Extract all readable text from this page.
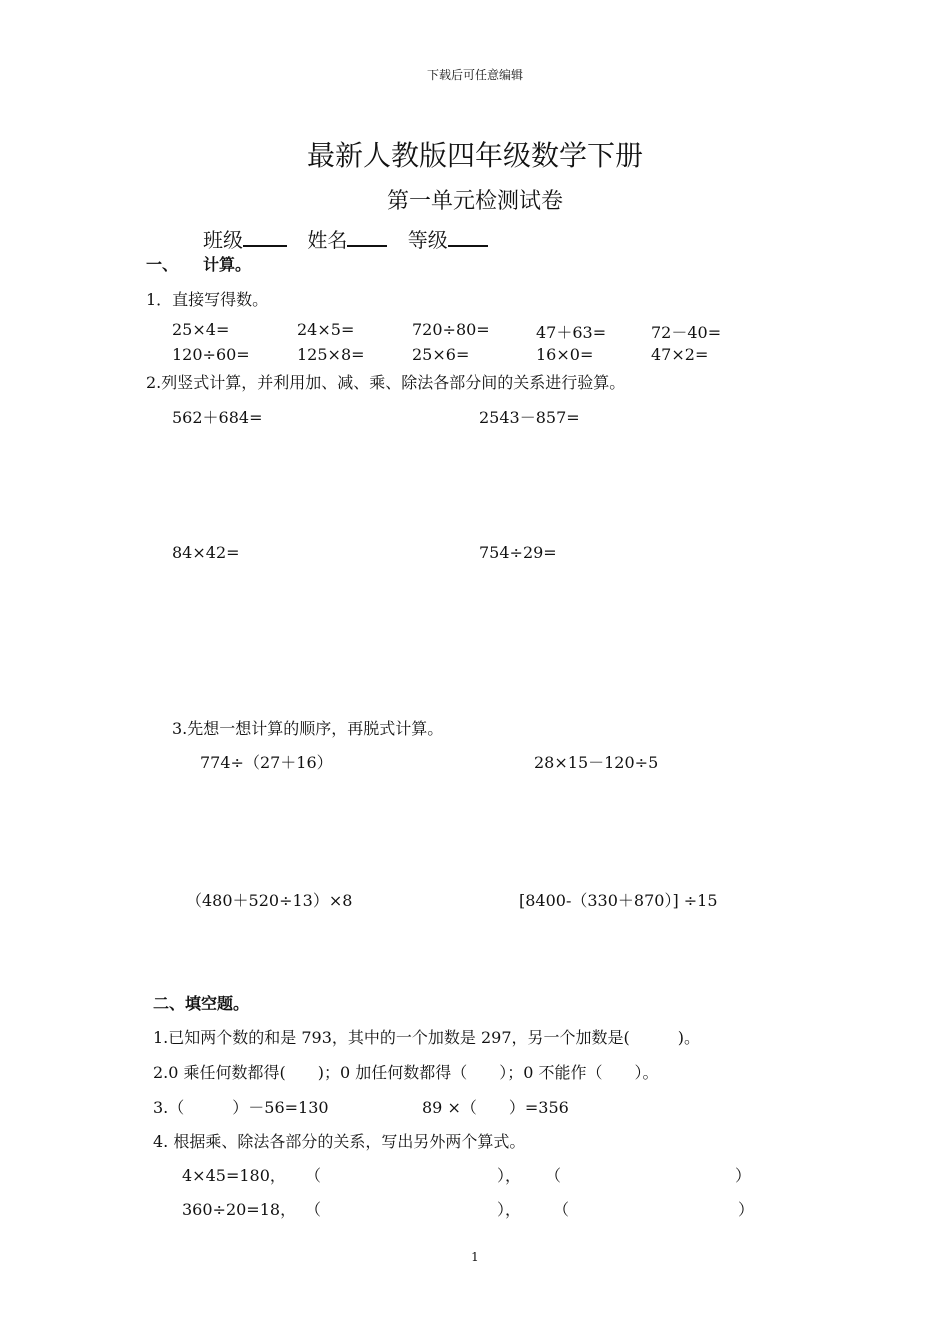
下载后可任意编辑
最新人教版四年级数学下册
第一单元检测试卷
班级	姓名	等级
一、 计算。
1．直接写得数。
25×4=	24×5=	720÷80=	47＋63=	72－40=
120÷60=	125×8=	25×6=	16×0=	47×2=
2.列竖式计算，并利用加、减、乘、除法各部分间的关系进行验算。
562＋684=	2543－857=
84×42=	754÷29=
3.先想一想计算的顺序，再脱式计算。
774÷（27＋16）	28×15－120÷5
（480＋520÷13）×8	[8400-（330＋870）] ÷15
二、填空题。
1.已知两个数的和是 793，其中的一个加数是 297，另一个加数是(　　　)。
2.0 乘任何数都得(　　)；0 加任何数都得（　　）；0 不能作（　　）。
3.（　　　）－56=130	89 ×（　　）=356
4. 根据乘、除法各部分的关系，写出另外两个算式。
4×45=180， （	）， （	）
360÷20=18， （	）， （	）
1
